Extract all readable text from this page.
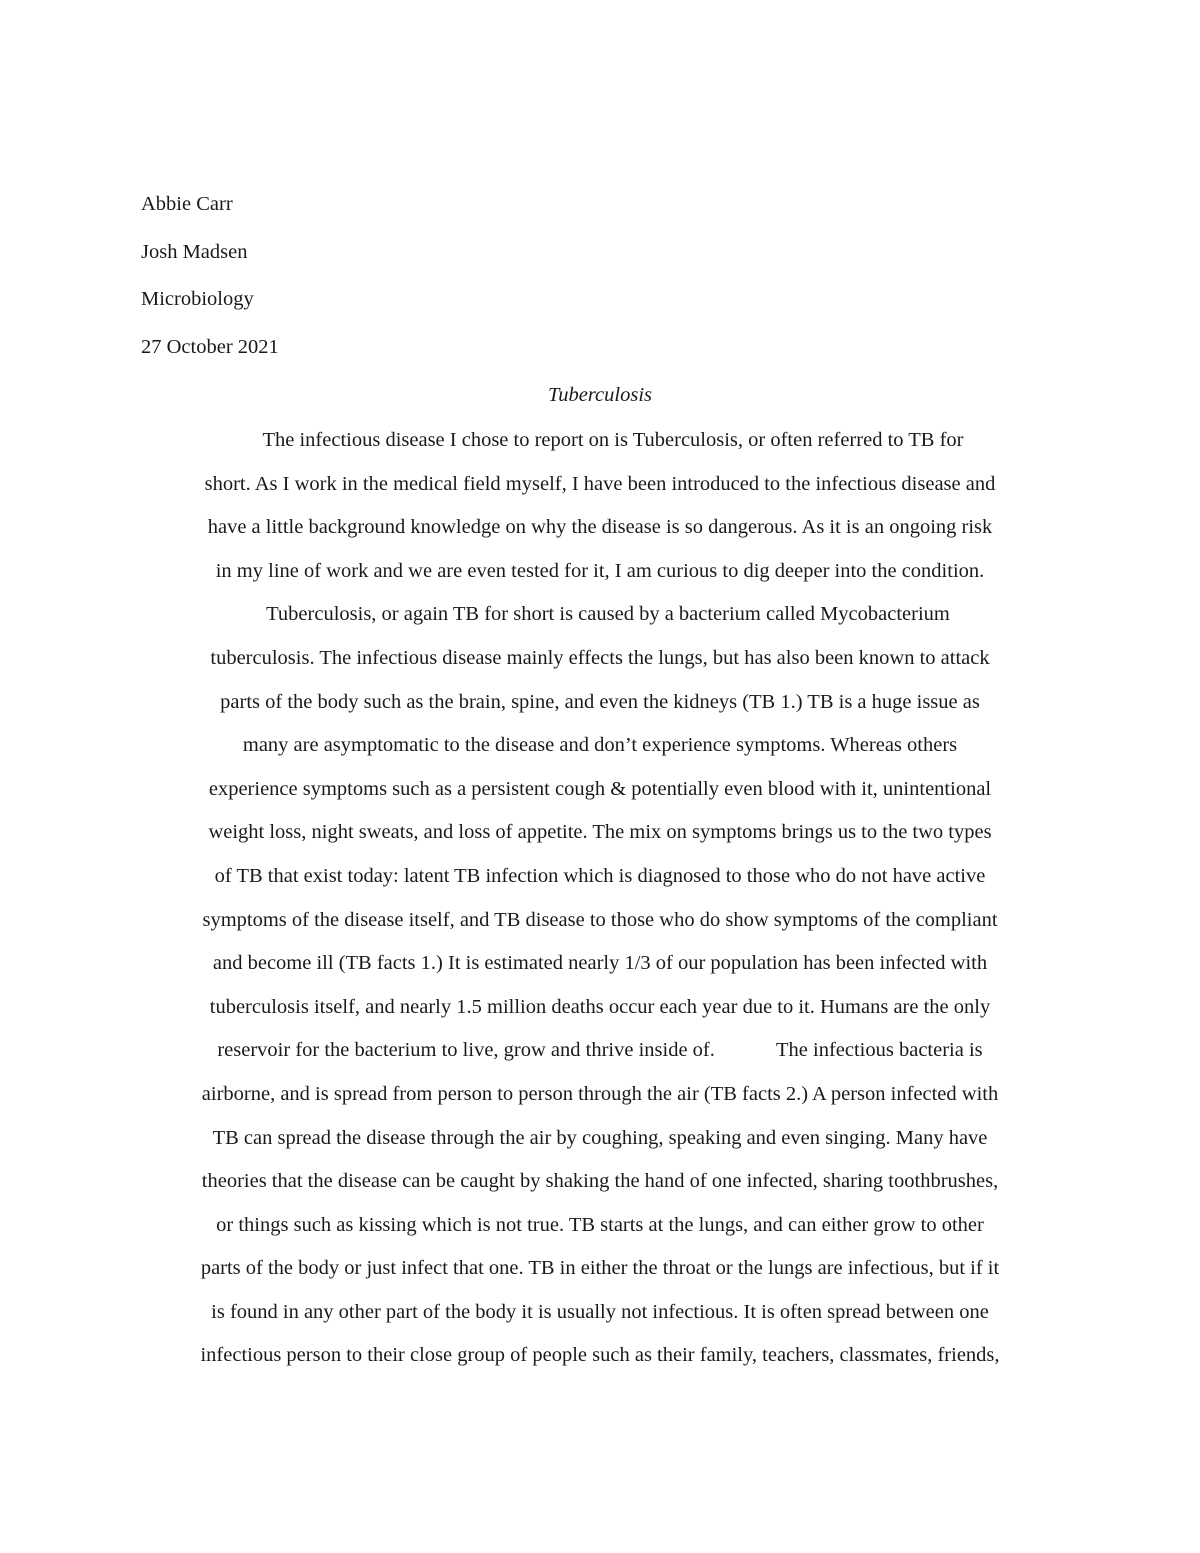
Abbie Carr
Josh Madsen
Microbiology
27 October 2021
Tuberculosis
The infectious disease I chose to report on is Tuberculosis, or often referred to TB for
short. As I work in the medical field myself, I have been introduced to the infectious disease and
have a little background knowledge on why the disease is so dangerous. As it is an ongoing risk
in my line of work and we are even tested for it, I am curious to dig deeper into the condition.
Tuberculosis, or again TB for short is caused by a bacterium called Mycobacterium
tuberculosis. The infectious disease mainly effects the lungs, but has also been known to attack
parts of the body such as the brain, spine, and even the kidneys (TB 1.) TB is a huge issue as
many are asymptomatic to the disease and don’t experience symptoms. Whereas others
experience symptoms such as a persistent cough & potentially even blood with it, unintentional
weight loss, night sweats, and loss of appetite. The mix on symptoms brings us to the two types
of TB that exist today: latent TB infection which is diagnosed to those who do not have active
symptoms of the disease itself, and TB disease to those who do show symptoms of the compliant
and become ill (TB facts 1.) It is estimated nearly 1/3 of our population has been infected with
tuberculosis itself, and nearly 1.5 million deaths occur each year due to it. Humans are the only
reservoir for the bacterium to live, grow and thrive inside of.            The infectious bacteria is
airborne, and is spread from person to person through the air (TB facts 2.) A person infected with
TB can spread the disease through the air by coughing, speaking and even singing. Many have
theories that the disease can be caught by shaking the hand of one infected, sharing toothbrushes,
or things such as kissing which is not true. TB starts at the lungs, and can either grow to other
parts of the body or just infect that one. TB in either the throat or the lungs are infectious, but if it
is found in any other part of the body it is usually not infectious. It is often spread between one
infectious person to their close group of people such as their family, teachers, classmates, friends,
